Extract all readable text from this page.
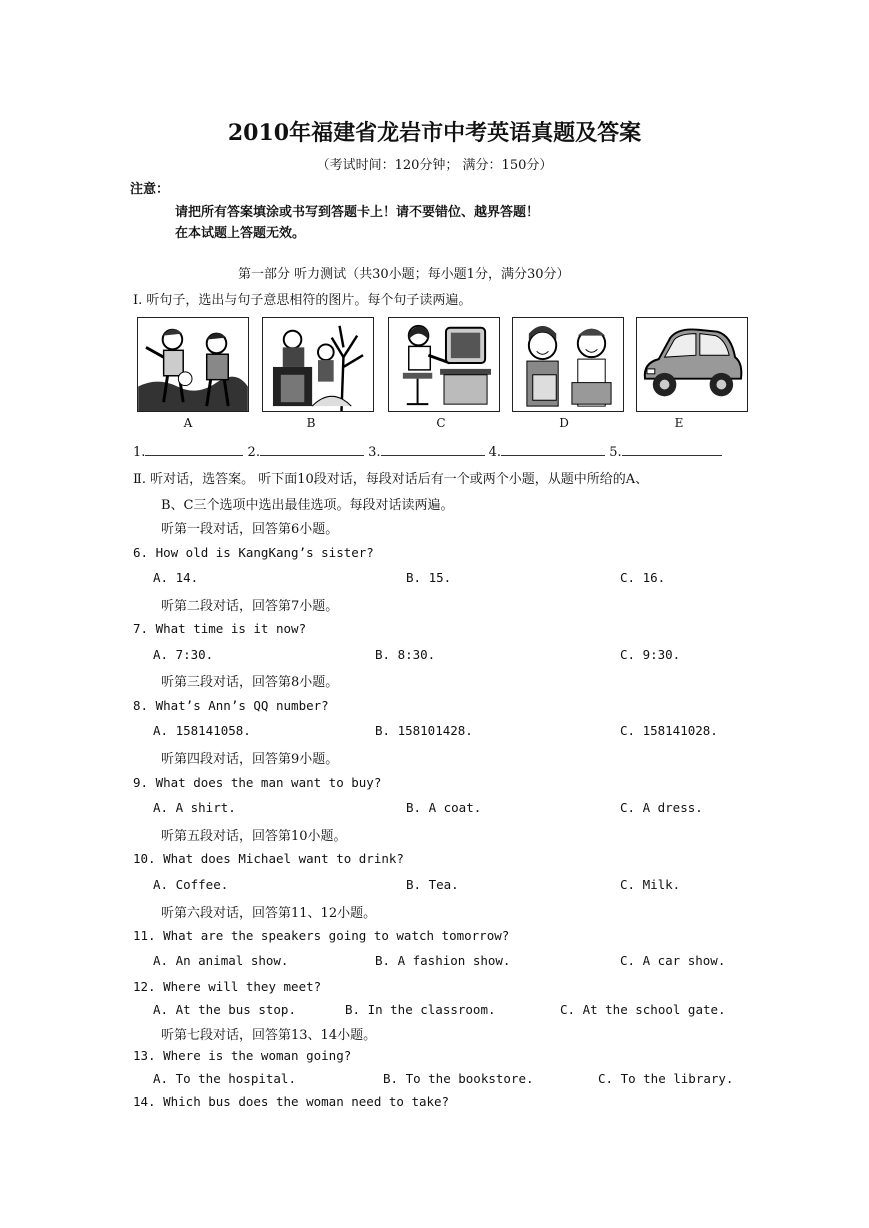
2010年福建省龙岩市中考英语真题及答案
（考试时间：120分钟； 满分：150分）
注意：
请把所有答案填涂或书写到答题卡上！请不要错位、越界答题！
在本试题上答题无效。
第一部分 听力测试（共30小题；每小题1分，满分30分）
Ⅰ. 听句子，选出与句子意思相符的图片。每个句子读两遍。
A	B	C	D	E
1.	2.	3.	4.	5.
Ⅱ. 听对话，选答案。 听下面10段对话，每段对话后有一个或两个小题，从题中所给的A、
B、C三个选项中选出最佳选项。每段对话读两遍。
听第一段对话，回答第6小题。
6. How old is KangKang’s sister?
A. 14.	B. 15.	C. 16.
听第二段对话，回答第7小题。
7. What time is it now?
A. 7:30.	B. 8:30.	C. 9:30.
听第三段对话，回答第8小题。
8. What’s Ann’s QQ number?
A. 158141058.	B. 158101428.	C. 158141028.
听第四段对话，回答第9小题。
9. What does the man want to buy?
A. A shirt.	B. A coat.	C. A dress.
听第五段对话，回答第10小题。
10. What does Michael want to drink?
A. Coffee.	B. Tea.	C. Milk.
听第六段对话，回答第11、12小题。
11. What are the speakers going to watch tomorrow?
A. An animal show.	B. A fashion show.	C. A car show.
12. Where will they meet?
A. At the bus stop.	B. In the classroom.	C. At the school gate.
听第七段对话，回答第13、14小题。
13. Where is the woman going?
A. To the hospital.	B. To the bookstore.	C. To the library.
14. Which bus does the woman need to take?
